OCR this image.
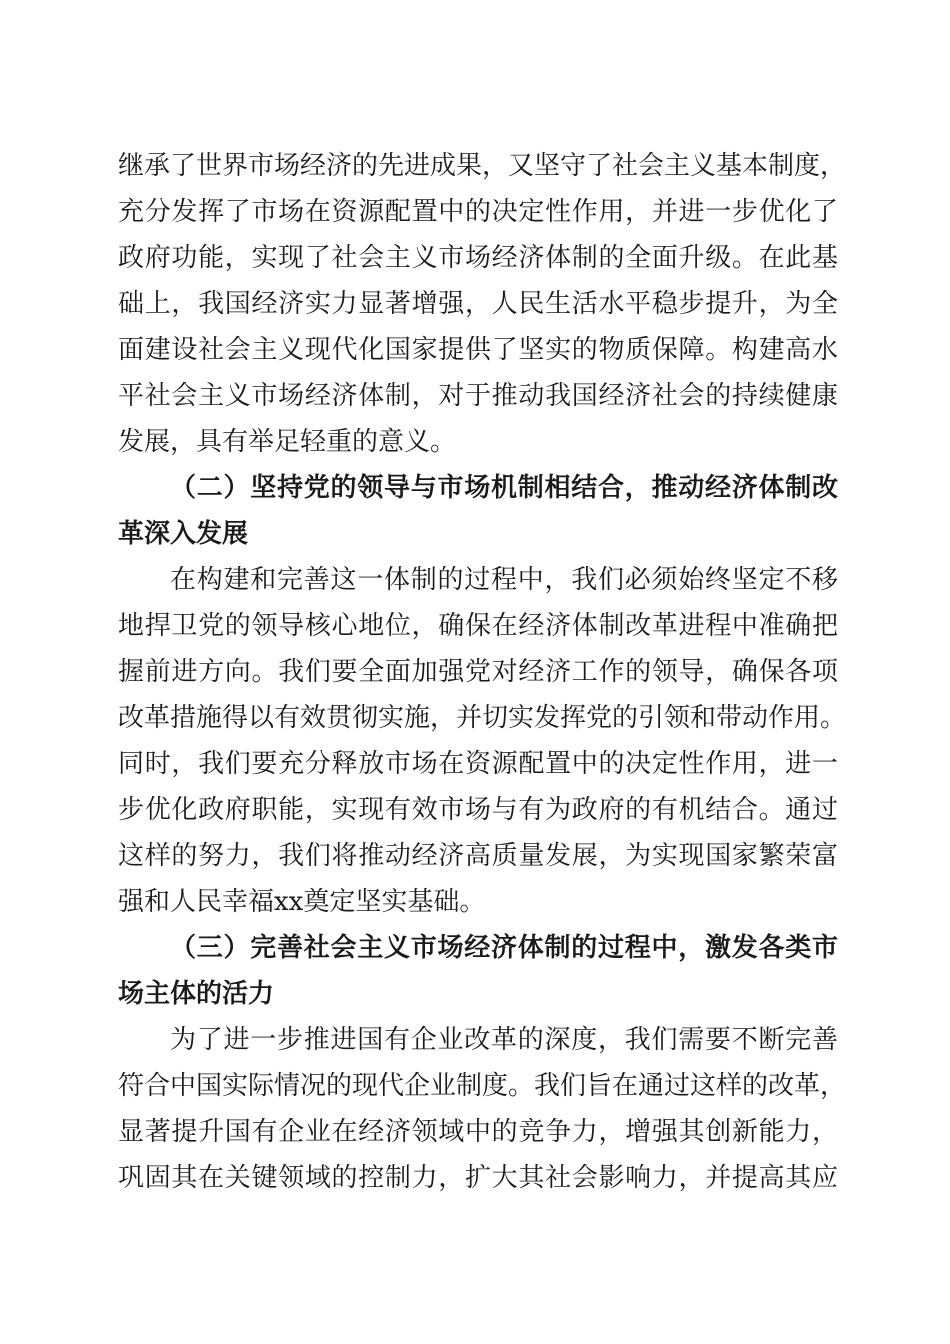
继承了世界市场经济的先进成果，又坚守了社会主义基本制度，
充分发挥了市场在资源配置中的决定性作用，并进一步优化了
政府功能，实现了社会主义市场经济体制的全面升级。在此基
础上，我国经济实力显著增强，人民生活水平稳步提升，为全
面建设社会主义现代化国家提供了坚实的物质保障。构建高水
平社会主义市场经济体制，对于推动我国经济社会的持续健康
发展，具有举足轻重的意义。
（二）坚持党的领导与市场机制相结合，推动经济体制改
革深入发展
在构建和完善这一体制的过程中，我们必须始终坚定不移
地捍卫党的领导核心地位，确保在经济体制改革进程中准确把
握前进方向。我们要全面加强党对经济工作的领导，确保各项
改革措施得以有效贯彻实施，并切实发挥党的引领和带动作用。
同时，我们要充分释放市场在资源配置中的决定性作用，进一
步优化政府职能，实现有效市场与有为政府的有机结合。通过
这样的努力，我们将推动经济高质量发展，为实现国家繁荣富
强和人民幸福xx奠定坚实基础。
（三）完善社会主义市场经济体制的过程中，激发各类市
场主体的活力
为了进一步推进国有企业改革的深度，我们需要不断完善
符合中国实际情况的现代企业制度。我们旨在通过这样的改革，
显著提升国有企业在经济领域中的竞争力，增强其创新能力，
巩固其在关键领域的控制力，扩大其社会影响力，并提高其应
